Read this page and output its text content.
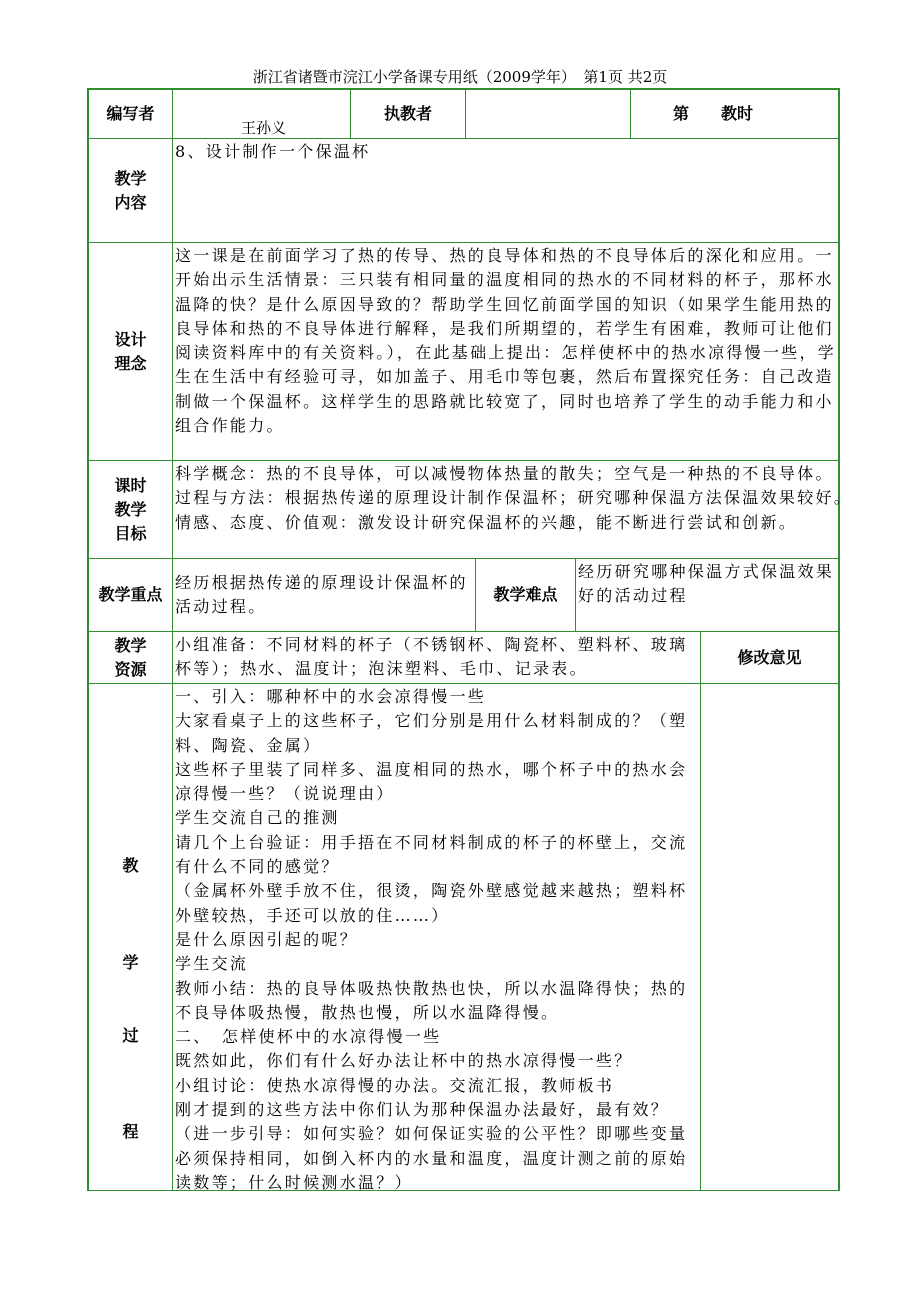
浙江省诸暨市浣江小学备课专用纸（2009学年）　第1页 共2页
编写者
王孙义
执教者	第　　教时
教学
内容
8、设计制作一个保温杯
设计
理念
这一课是在前面学习了热的传导、热的良导体和热的不良导体后的深化和应用。一
开始出示生活情景：三只装有相同量的温度相同的热水的不同材料的杯子，那杯水
温降的快？是什么原因导致的？帮助学生回忆前面学国的知识（如果学生能用热的
良导体和热的不良导体进行解释，是我们所期望的，若学生有困难，教师可让他们
阅读资料库中的有关资料。），在此基础上提出：怎样使杯中的热水凉得慢一些，学
生在生活中有经验可寻，如加盖子、用毛巾等包裹，然后布置探究任务：自己改造
制做一个保温杯。这样学生的思路就比较宽了，同时也培养了学生的动手能力和小
组合作能力。
课时
教学
目标
科学概念：热的不良导体，可以减慢物体热量的散失；空气是一种热的不良导体。
过程与方法：根据热传递的原理设计制作保温杯；研究哪种保温方法保温效果较好。
情感、态度、价值观：激发设计研究保温杯的兴趣，能不断进行尝试和创新。
教学重点
经历根据热传递的原理设计保温杯的
活动过程。
教学难点
经历研究哪种保温方式保温效果
好的活动过程
教学
资源
小组准备：不同材料的杯子（不锈钢杯、陶瓷杯、塑料杯、玻璃
杯等）；热水、温度计；泡沫塑料、毛巾、记录表。
修改意见
教
学
过
程
一、引入：哪种杯中的水会凉得慢一些
大家看桌子上的这些杯子，它们分别是用什么材料制成的？（塑
料、陶瓷、金属）
这些杯子里装了同样多、温度相同的热水，哪个杯子中的热水会
凉得慢一些？（说说理由）
学生交流自己的推测
请几个上台验证：用手捂在不同材料制成的杯子的杯壁上，交流
有什么不同的感觉？
（金属杯外壁手放不住，很烫，陶瓷外壁感觉越来越热；塑料杯
外壁较热，手还可以放的住……）
是什么原因引起的呢？
学生交流
教师小结：热的良导体吸热快散热也快，所以水温降得快；热的
不良导体吸热慢，散热也慢，所以水温降得慢。
二、　怎样使杯中的水凉得慢一些
既然如此，你们有什么好办法让杯中的热水凉得慢一些？
小组讨论：使热水凉得慢的办法。交流汇报，教师板书
刚才提到的这些方法中你们认为那种保温办法最好，最有效？
（进一步引导：如何实验？如何保证实验的公平性？即哪些变量
必须保持相同，如倒入杯内的水量和温度，温度计测之前的原始
读数等；什么时候测水温？）
